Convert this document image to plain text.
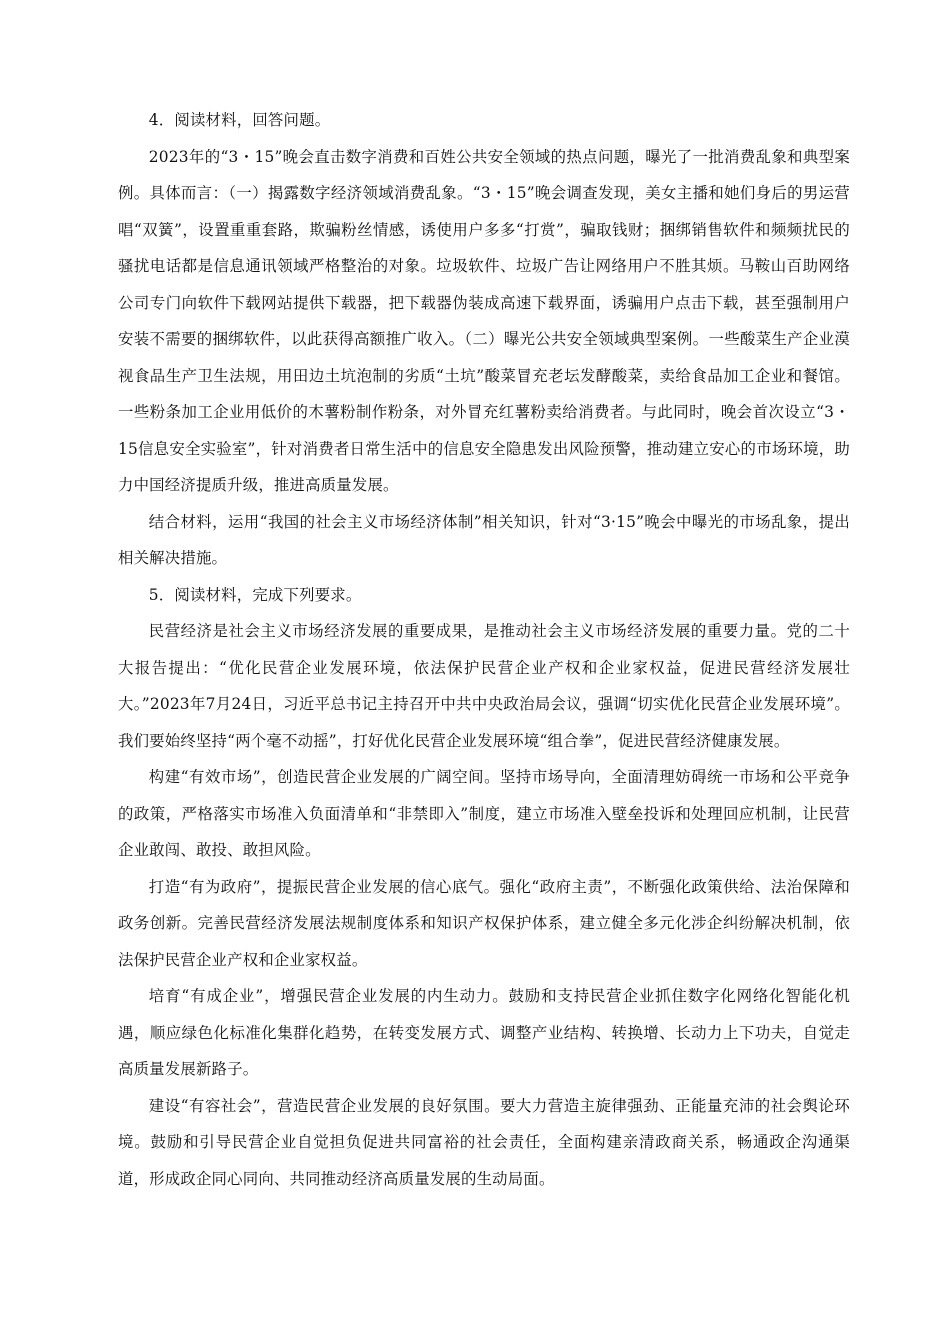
4．阅读材料，回答问题。

2023年的“3・15”晚会直击数字消费和百姓公共安全领域的热点问题，曝光了一批消费乱象和典型案例。具体而言：（一）揭露数字经济领域消费乱象。“3・15”晚会调查发现，美女主播和她们身后的男运营唱“双簧”，设置重重套路，欺骗粉丝情感，诱使用户多多“打赏”，骗取钱财；捆绑销售软件和频频扰民的骚扰电话都是信息通讯领域严格整治的对象。垃圾软件、垃圾广告让网络用户不胜其烦。马鞍山百助网络公司专门向软件下载网站提供下载器，把下载器伪装成高速下载界面，诱骗用户点击下载，甚至强制用户安装不需要的捆绑软件，以此获得高额推广收入。（二）曝光公共安全领域典型案例。一些酸菜生产企业漠视食品生产卫生法规，用田边土坑泡制的劣质“土坑”酸菜冒充老坛发酵酸菜，卖给食品加工企业和餐馆。一些粉条加工企业用低价的木薯粉制作粉条，对外冒充红薯粉卖给消费者。与此同时，晚会首次设立“3・15信息安全实验室”，针对消费者日常生活中的信息安全隐患发出风险预警，推动建立安心的市场环境，助力中国经济提质升级，推进高质量发展。

结合材料，运用“我国的社会主义市场经济体制”相关知识，针对“3·15”晚会中曝光的市场乱象，提出相关解决措施。

5．阅读材料，完成下列要求。

民营经济是社会主义市场经济发展的重要成果，是推动社会主义市场经济发展的重要力量。党的二十大报告提出：“优化民营企业发展环境，依法保护民营企业产权和企业家权益，促进民营经济发展壮大。”2023年7月24日，习近平总书记主持召开中共中央政治局会议，强调“切实优化民营企业发展环境”。我们要始终坚持“两个毫不动摇”，打好优化民营企业发展环境“组合拳”，促进民营经济健康发展。

构建“有效市场”，创造民营企业发展的广阔空间。坚持市场导向，全面清理妨碍统一市场和公平竞争的政策，严格落实市场准入负面清单和“非禁即入”制度，建立市场准入壁垒投诉和处理回应机制，让民营企业敢闯、敢投、敢担风险。

打造“有为政府”，提振民营企业发展的信心底气。强化“政府主责”，不断强化政策供给、法治保障和政务创新。完善民营经济发展法规制度体系和知识产权保护体系，建立健全多元化涉企纠纷解决机制，依法保护民营企业产权和企业家权益。

培育“有成企业”，增强民营企业发展的内生动力。鼓励和支持民营企业抓住数字化网络化智能化机遇，顺应绿色化标准化集群化趋势，在转变发展方式、调整产业结构、转换增、长动力上下功夫，自觉走高质量发展新路子。

建设“有容社会”，营造民营企业发展的良好氛围。要大力营造主旋律强劲、正能量充沛的社会舆论环境。鼓励和引导民营企业自觉担负促进共同富裕的社会责任，全面构建亲清政商关系，畅通政企沟通渠道，形成政企同心同向、共同推动经济高质量发展的生动局面。
